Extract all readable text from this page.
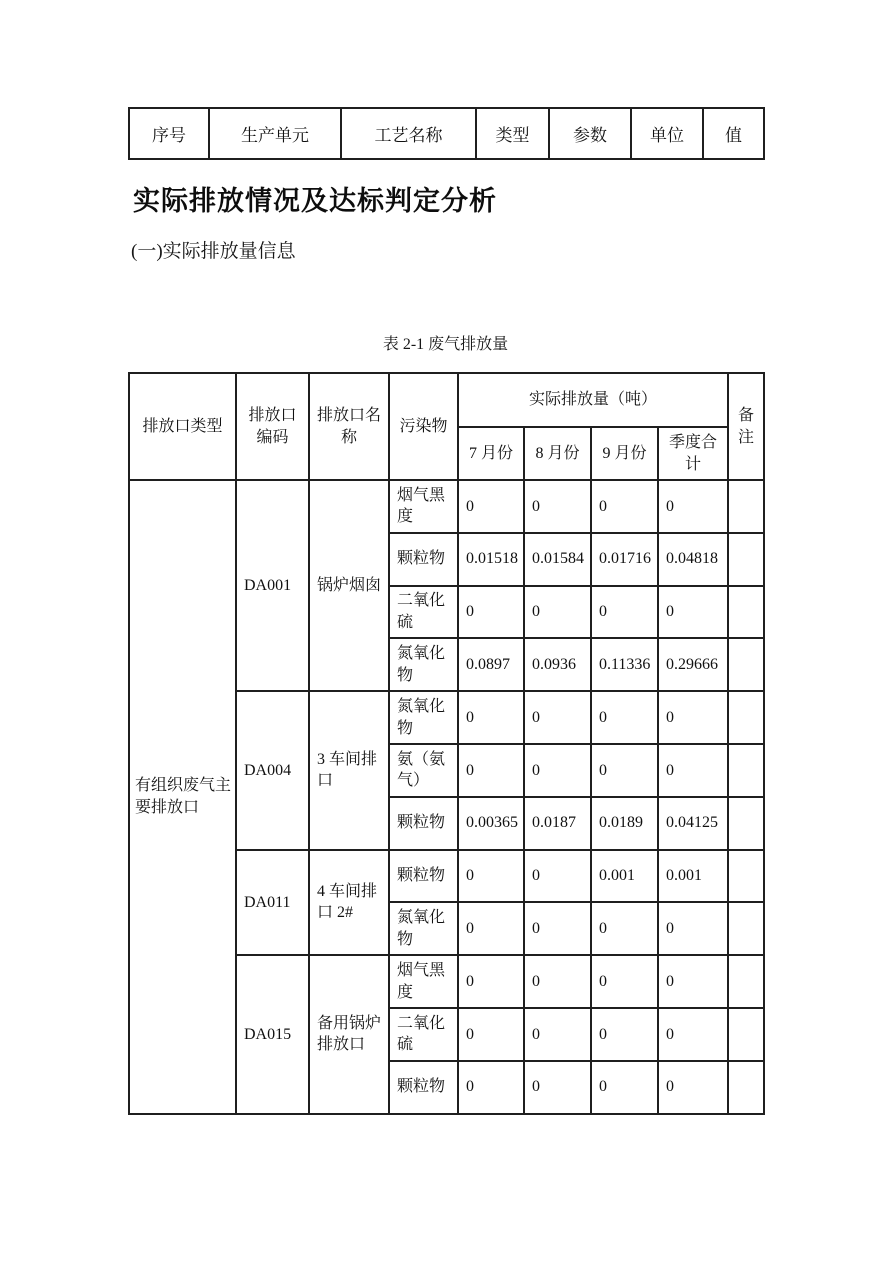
序号	生产单元	工艺名称	类型	参数	单位	值
实际排放情况及达标判定分析
(一)实际排放量信息
表 2-1 废气排放量
排放口类型	排放口编码	排放口名称	污染物	实际排放量（吨）				备注
				7 月份	8 月份	9 月份	季度合计	
有组织废气主要排放口	DA001	锅炉烟囱	烟气黑度	0	0	0	0	
			颗粒物	0.01518	0.01584	0.01716	0.04818	
			二氧化硫	0	0	0	0	
			氮氧化物	0.0897	0.0936	0.11336	0.29666	
	DA004	3 车间排口	氮氧化物	0	0	0	0	
			氨（氨气）	0	0	0	0	
			颗粒物	0.00365	0.0187	0.0189	0.04125	
	DA011	4 车间排口 2#	颗粒物	0	0	0.001	0.001	
			氮氧化物	0	0	0	0	
	DA015	备用锅炉排放口	烟气黑度	0	0	0	0	
			二氧化硫	0	0	0	0	
			颗粒物	0	0	0	0	
